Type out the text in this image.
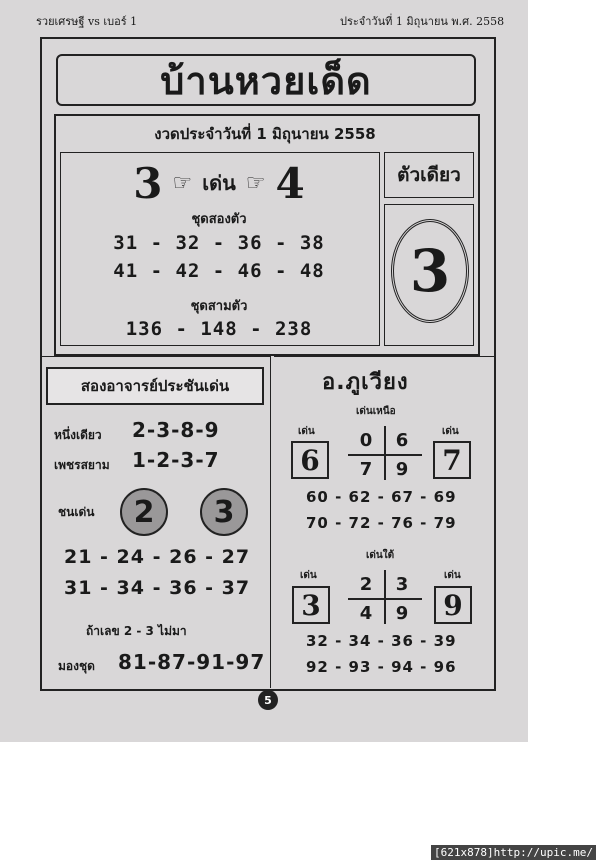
รวยเศรษฐี vs เบอร์ 1	ประจำวันที่ 1 มิถุนายน พ.ศ. 2558
บ้านหวยเด็ด
งวดประจำวันที่ 1 มิถุนายน 2558
3 ☞ เด่น ☞ 4
ชุดสองตัว
31 - 32 - 36 - 38
41 - 42 - 46 - 48
ชุดสามตัว
136 - 148 - 238
ตัวเดียว
3
สองอาจารย์ประชันเด่น
หนึ่งเดียว 2-3-8-9
เพชรสยาม 1-2-3-7
ชนเด่น	2	3
21 - 24 - 26 - 27
31 - 34 - 36 - 37
ถ้าเลข 2 - 3 ไม่มา
มองชุด 81-87-91-97
อ.ภูเวียง
เด่นเหนือ
เด่น	เด่น
6	7
0	6
7	9
60 - 62 - 67 - 69
70 - 72 - 76 - 79
เด่นใต้
เด่น	เด่น
3	9
2	3
4	9
32 - 34 - 36 - 39
92 - 93 - 94 - 96
5
[621x878]http://upic.me/
